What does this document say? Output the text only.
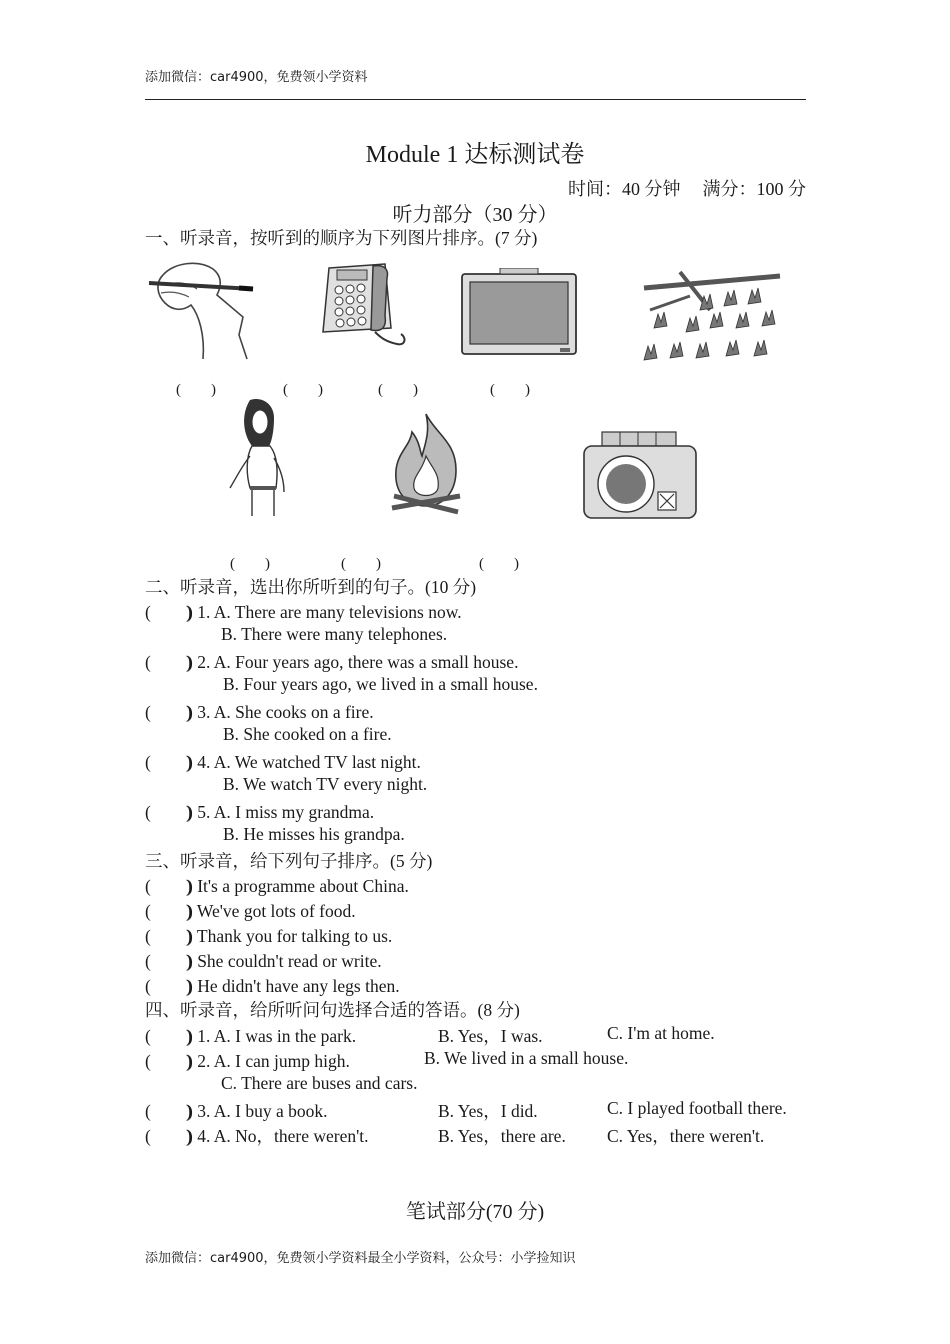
添加微信：car4900，免费领小学资料
Module 1 达标测试卷
时间：40 分钟 满分：100 分
听力部分（30 分）
一、听录音，按听到的顺序为下列图片排序。(7 分)
(　　)	(　　)	(　　)	(　　)
(　　)	(　　)	(　　)
二、听录音，选出你所听到的句子。(10 分)
(　　)) 1. A. There are many televisions now.
B. There were many telephones.
(　　)) 2. A. Four years ago, there was a small house.
B. Four years ago, we lived in a small house.
(　　)) 3. A. She cooks on a fire.
B. She cooked on a fire.
(　　)) 4. A. We watched TV last night.
B. We watch TV every night.
(　　)) 5. A. I miss my grandma.
B. He misses his grandpa.
三、听录音，给下列句子排序。(5 分)
(　　)) It's a programme about China.
(　　)) We've got lots of food.
(　　)) Thank you for talking to us.
(　　)) She couldn't read or write.
(　　)) He didn't have any legs then.
四、听录音，给所听问句选择合适的答语。(8 分)
(　　)) 1. A. I was in the park.	B. Yes，I was.	C. I'm at home.
(　　)) 2. A. I can jump high.	B. We lived in a small house.
C. There are buses and cars.
(　　)) 3. A. I buy a book.	B. Yes，I did.	C. I played football there.
(　　)) 4. A. No，there weren't.	B. Yes，there are. C. Yes，there weren't.
笔试部分(70 分)
添加微信：car4900，免费领小学资料最全小学资料，公众号：小学捡知识
